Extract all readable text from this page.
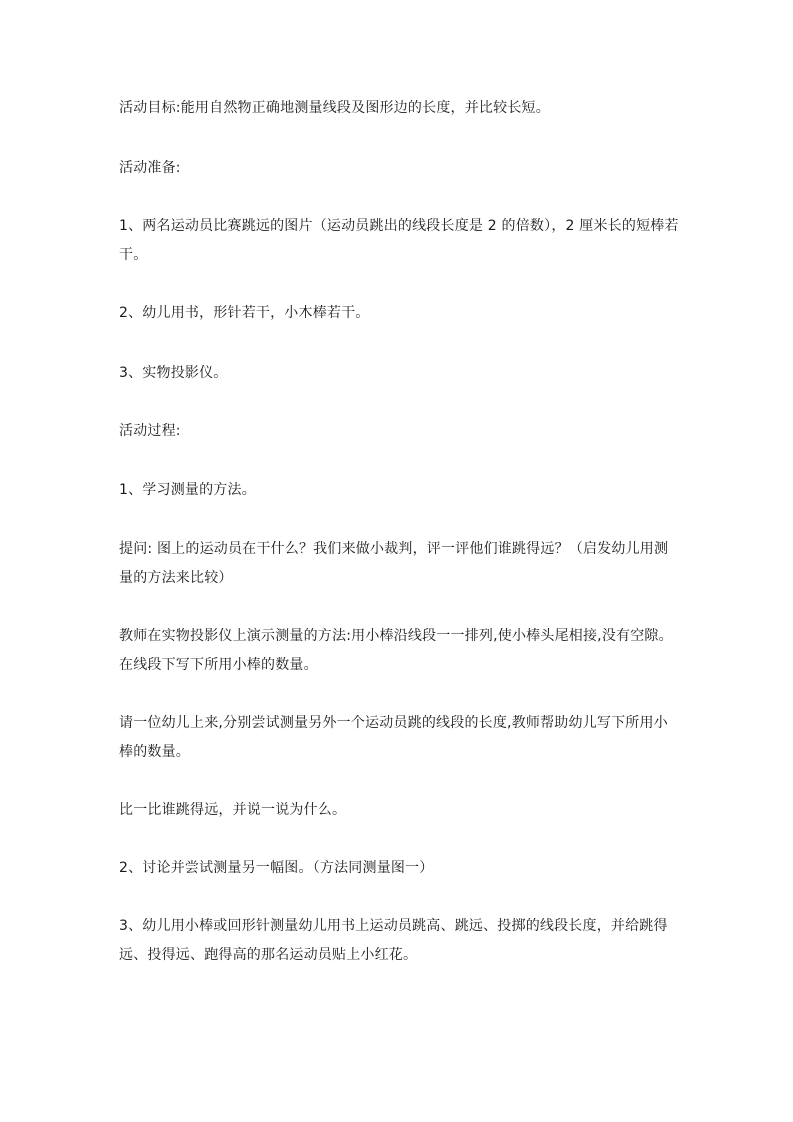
活动目标:能用自然物正确地测量线段及图形边的长度，并比较长短。

活动准备:

1、两名运动员比赛跳远的图片（运动员跳出的线段长度是 2 的倍数），2 厘米长的短棒若干。

2、幼儿用书，形针若干，小木棒若干。

3、实物投影仪。

活动过程:

1、学习测量的方法。

提问: 图上的运动员在干什么？我们来做小裁判，评一评他们谁跳得远？（启发幼儿用测量的方法来比较）

教师在实物投影仪上演示测量的方法:用小棒沿线段一一排列,使小棒头尾相接,没有空隙。在线段下写下所用小棒的数量。

请一位幼儿上来,分别尝试测量另外一个运动员跳的线段的长度,教师帮助幼儿写下所用小棒的数量。

比一比谁跳得远，并说一说为什么。

2、讨论并尝试测量另一幅图。（方法同测量图一）

3、幼儿用小棒或回形针测量幼儿用书上运动员跳高、跳远、投掷的线段长度，并给跳得远、投得远、跑得高的那名运动员贴上小红花。
